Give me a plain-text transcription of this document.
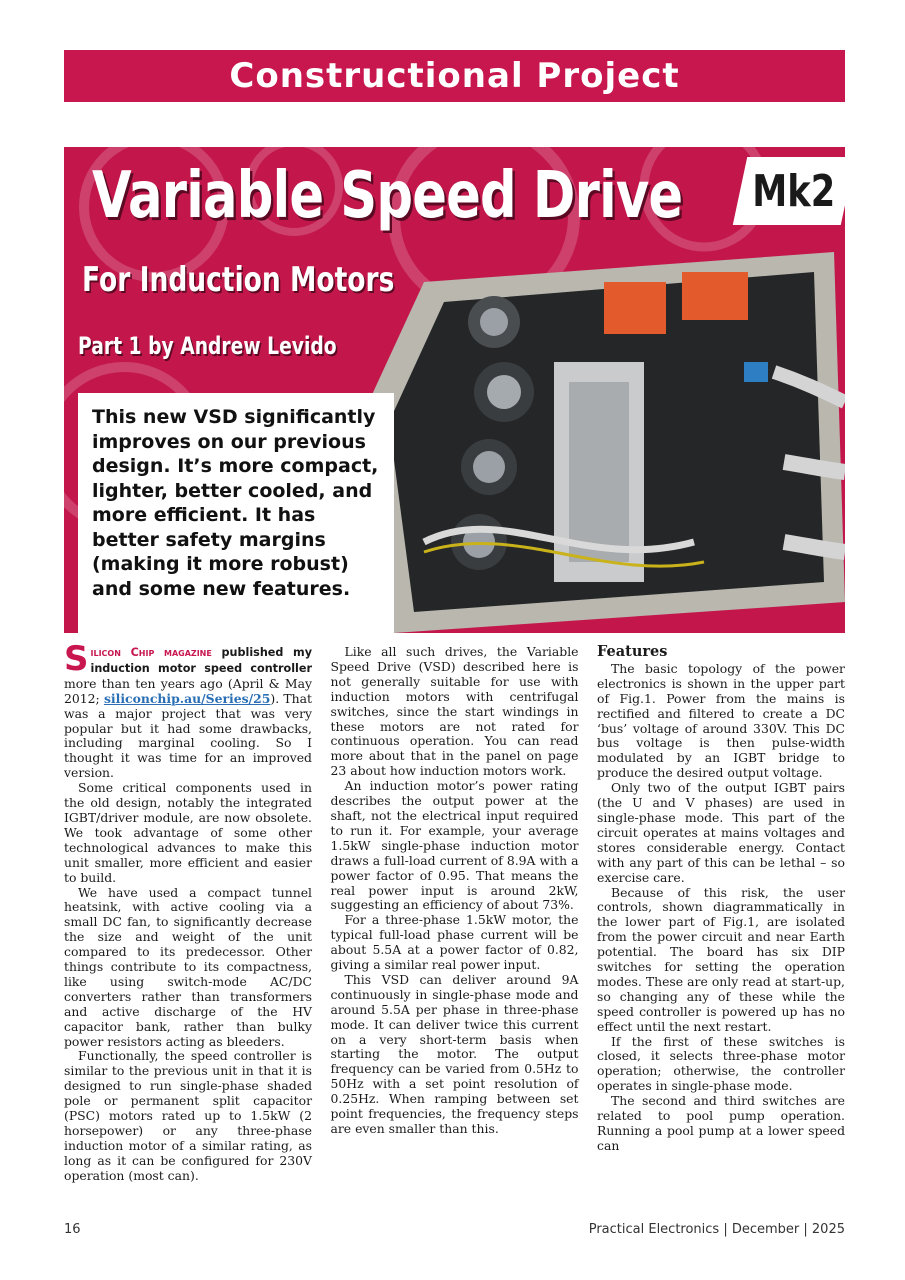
Constructional Project
Variable Speed Drive Mk2
For Induction Motors
Part 1 by Andrew Levido
This new VSD significantly improves on our previous design. It’s more compact, lighter, better cooled, and more efficient. It has better safety margins (making it more robust) and some new features.

Silicon Chip magazine published my induction motor speed controller more than ten years ago (April & May 2012; siliconchip.au/Series/25). That was a major project that was very popular but it had some drawbacks, including marginal cooling. So I thought it was time for an improved version.

Some critical components used in the old design, notably the integrated IGBT/driver module, are now obsolete. We took advantage of some other technological advances to make this unit smaller, more efficient and easier to build.

We have used a compact tunnel heatsink, with active cooling via a small DC fan, to significantly decrease the size and weight of the unit compared to its predecessor. Other things contribute to its compactness, like using switch-mode AC/DC converters rather than transformers and active discharge of the HV capacitor bank, rather than bulky power resistors acting as bleeders.

Functionally, the speed controller is similar to the previous unit in that it is designed to run single-phase shaded pole or permanent split capacitor (PSC) motors rated up to 1.5kW (2 horsepower) or any three-phase induction motor of a similar rating, as long as it can be configured for 230V operation (most can).

Like all such drives, the Variable Speed Drive (VSD) described here is not generally suitable for use with induction motors with centrifugal switches, since the start windings in these motors are not rated for continuous operation. You can read more about that in the panel on page 23 about how induction motors work.

An induction motor’s power rating describes the output power at the shaft, not the electrical input required to run it. For example, your average 1.5kW single-phase induction motor draws a full-load current of 8.9A with a power factor of 0.95. That means the real power input is around 2kW, suggesting an efficiency of about 73%.

For a three-phase 1.5kW motor, the typical full-load phase current will be about 5.5A at a power factor of 0.82, giving a similar real power input.

This VSD can deliver around 9A continuously in single-phase mode and around 5.5A per phase in three-phase mode. It can deliver twice this current on a very short-term basis when starting the motor. The output frequency can be varied from 0.5Hz to 50Hz with a set point resolution of 0.25Hz. When ramping between set point frequencies, the frequency steps are even smaller than this.

Features

The basic topology of the power electronics is shown in the upper part of Fig.1. Power from the mains is rectified and filtered to create a DC ‘bus’ voltage of around 330V. This DC bus voltage is then pulse-width modulated by an IGBT bridge to produce the desired output voltage.

Only two of the output IGBT pairs (the U and V phases) are used in single-phase mode. This part of the circuit operates at mains voltages and stores considerable energy. Contact with any part of this can be lethal – so exercise care.

Because of this risk, the user controls, shown diagrammatically in the lower part of Fig.1, are isolated from the power circuit and near Earth potential. The board has six DIP switches for setting the operation modes. These are only read at start-up, so changing any of these while the speed controller is powered up has no effect until the next restart.

If the first of these switches is closed, it selects three-phase motor operation; otherwise, the controller operates in single-phase mode.

The second and third switches are related to pool pump operation. Running a pool pump at a lower speed can

16	Practical Electronics | December | 2025
